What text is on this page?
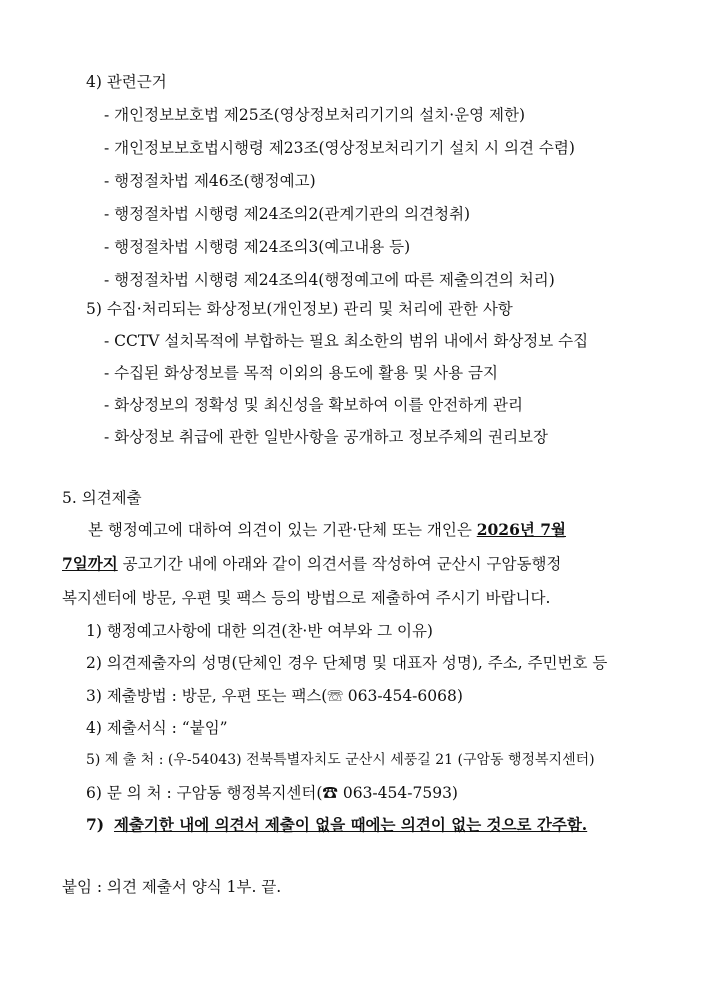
4) 관련근거
- 개인정보보호법 제25조(영상정보처리기기의 설치·운영 제한)
- 개인정보보호법시행령 제23조(영상정보처리기기 설치 시 의견 수렴)
- 행정절차법 제46조(행정예고)
- 행정절차법 시행령 제24조의2(관계기관의 의견청취)
- 행정절차법 시행령 제24조의3(예고내용 등)
- 행정절차법 시행령 제24조의4(행정예고에 따른 제출의견의 처리)
5) 수집·처리되는 화상정보(개인정보) 관리 및 처리에 관한 사항
- CCTV 설치목적에 부합하는 필요 최소한의 범위 내에서 화상정보 수집
- 수집된 화상정보를 목적 이외의 용도에 활용 및 사용 금지
- 화상정보의 정확성 및 최신성을 확보하여 이를 안전하게 관리
- 화상정보 취급에 관한 일반사항을 공개하고 정보주체의 권리보장
5. 의견제출
본 행정예고에 대하여 의견이 있는 기관·단체 또는 개인은 2026년 7월
7일까지 공고기간 내에 아래와 같이 의견서를 작성하여 군산시 구암동행정
복지센터에 방문, 우편 및 팩스 등의 방법으로 제출하여 주시기 바랍니다.
1) 행정예고사항에 대한 의견(찬·반 여부와 그 이유)
2) 의견제출자의 성명(단체인 경우 단체명 및 대표자 성명), 주소, 주민번호 등
3) 제출방법 : 방문, 우편 또는 팩스(☏ 063-454-6068)
4) 제출서식 : “붙임”
5) 제 출 처 : (우-54043) 전북특별자치도 군산시 세풍길 21 (구암동 행정복지센터)
6) 문 의 처 : 구암동 행정복지센터(☎ 063-454-7593)
7) 제출기한 내에 의견서 제출이 없을 때에는 의견이 없는 것으로 간주함.
붙임 : 의견 제출서 양식 1부. 끝.
